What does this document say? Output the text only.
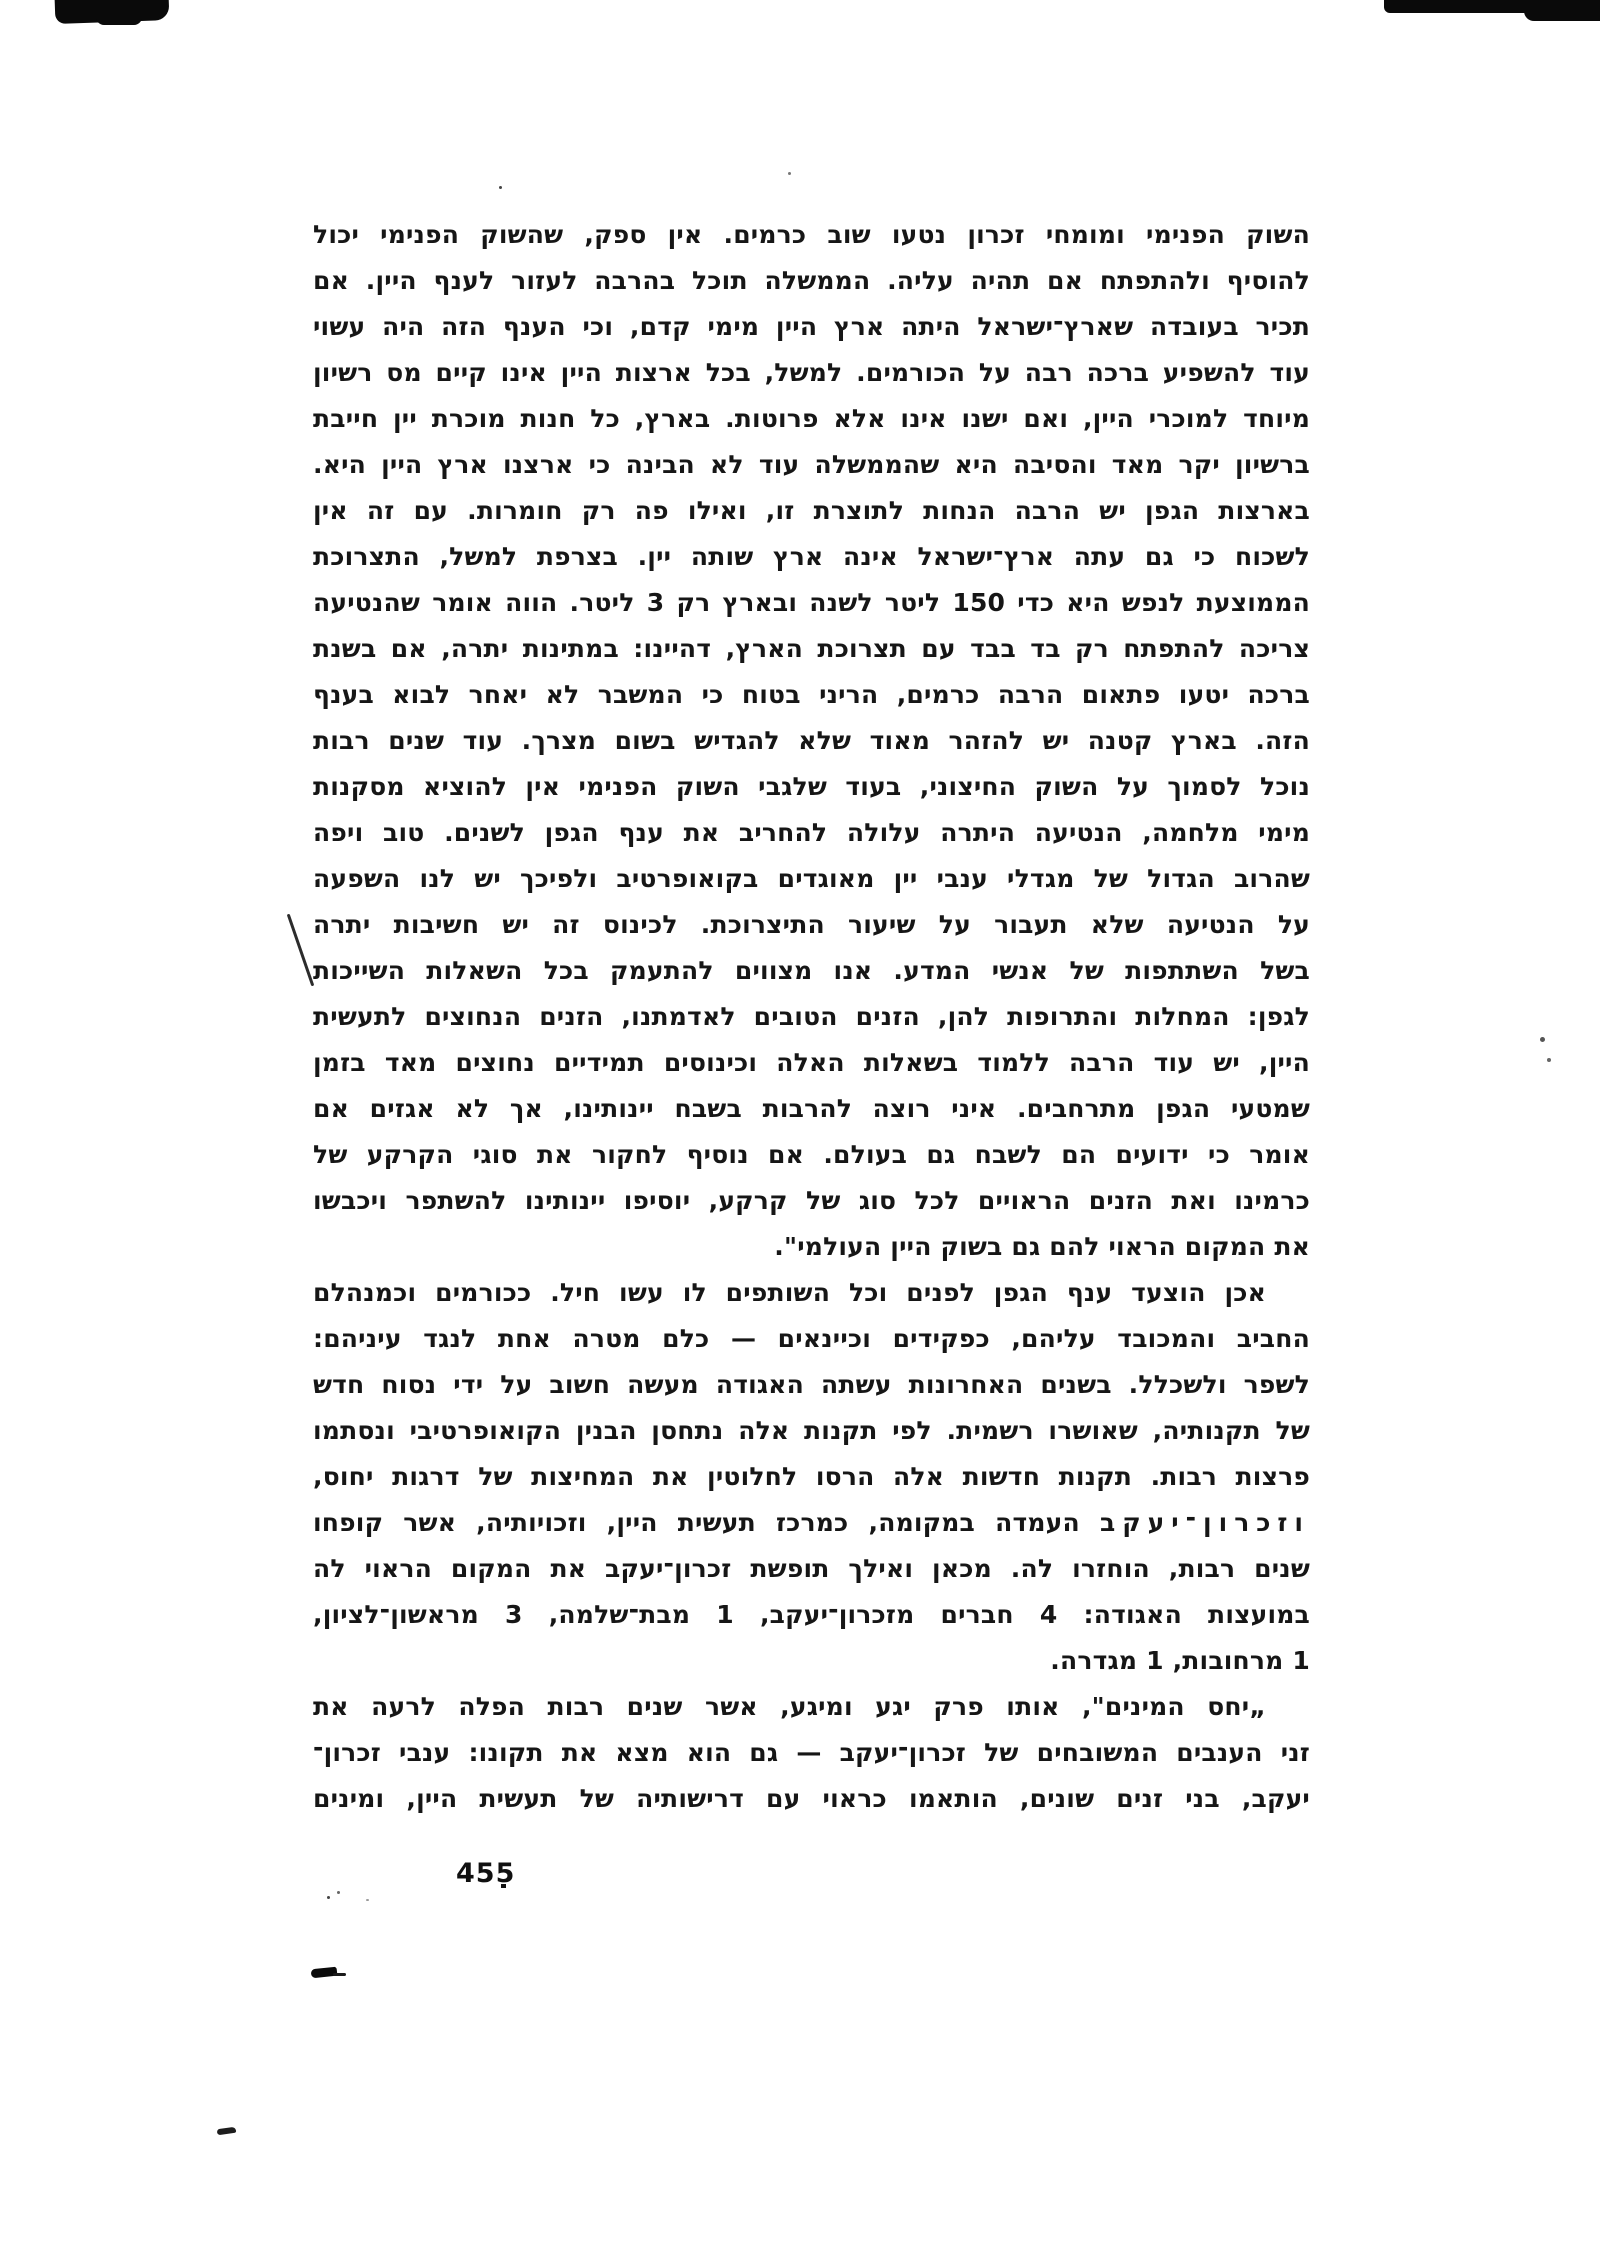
השוק הפנימי ומומחי זכרון נטעו שוב כרמים. אין ספק, שהשוק הפנימי יכול
להוסיף ולהתפתח אם תהיה עליה. הממשלה תוכל בהרבה לעזור לענף היין. אם
תכיר בעובדה שארץ־ישראל היתה ארץ היין מימי קדם, וכי הענף הזה היה עשוי
עוד להשפיע ברכה רבה על הכורמים. למשל, בכל ארצות היין אינו קיים מס רשיון
מיוחד למוכרי היין, ואם ישנו אינו אלא פרוטות. בארץ, כל חנות מוכרת יין חייבת
ברשיון יקר מאד והסיבה היא שהממשלה עוד לא הבינה כי ארצנו ארץ היין היא.
בארצות הגפן יש הרבה הנחות לתוצרת זו, ואילו פה רק חומרות. עם זה אין
לשכוח כי גם עתה ארץ־ישראל אינה ארץ שותה יין. בצרפת למשל, התצרוכת
הממוצעת לנפש היא כדי 150 ליטר לשנה ובארץ רק 3 ליטר. הווה אומר שהנטיעה
צריכה להתפתח רק בד בבד עם תצרוכת הארץ, דהיינו: במתינות יתרה, אם בשנת
ברכה יטעו פתאום הרבה כרמים, הריני בטוח כי המשבר לא יאחר לבוא בענף
הזה. בארץ קטנה יש להזהר מאוד שלא להגדיש בשום מצרך. עוד שנים רבות
נוכל לסמוך על השוק החיצוני, בעוד שלגבי השוק הפנימי אין להוציא מסקנות
מימי מלחמה, הנטיעה היתרה עלולה להחריב את ענף הגפן לשנים. טוב ויפה
שהרוב הגדול של מגדלי ענבי יין מאוגדים בקואופרטיב ולפיכך יש לנו השפעה
על הנטיעה שלא תעבור על שיעור התיצרוכת. לכינוס זה יש חשיבות יתרה
בשל השתתפות של אנשי המדע. אנו מצווים להתעמק בכל השאלות השייכות
לגפן: המחלות והתרופות להן, הזנים הטובים לאדמתנו, הזנים הנחוצים לתעשית
היין, יש עוד הרבה ללמוד בשאלות האלה וכינוסים תמידיים נחוצים מאד בזמן
שמטעי הגפן מתרחבים. איני רוצה להרבות בשבח יינותינו, אך לא אגזים אם
אומר כי ידועים הם לשבח גם בעולם. אם נוסיף לחקור את סוגי הקרקע של
כרמינו ואת הזנים הראויים לכל סוג של קרקע, יוסיפו יינותינו להשתפר ויכבשו
את המקום הראוי להם גם בשוק היין העולמי".
אכן הוצעד ענף הגפן לפנים וכל השותפים לו עשו חיל. ככורמים וכמנהלם
החביב והמכובד עליהם, כפקידים וכיינאים — כלם מטרה אחת לנגד עיניהם:
לשפר ולשכלל. בשנים האחרונות עשתה האגודה מעשה חשוב על ידי נסוח חדש
של תקנותיה, שאושרו רשמית. לפי תקנות אלה נתחסן הבנין הקואופרטיבי ונסתמו
פרצות רבות. תקנות חדשות אלה הרסו לחלוטין את המחיצות של דרגות יחוס,
וזכרון־יעקב העמדה במקומה, כמרכז תעשית היין, וזכויותיה, אשר קופחו
שנים רבות, הוחזרו לה. מכאן ואילך תופשת זכרון־יעקב את המקום הראוי לה
במועצות האגודה: 4 חברים מזכרון־יעקב, 1 מבת־שלמה, 3 מראשון־לציון,
1 מרחובות, 1 מגדרה.
„יחס המינים", אותו פרק יגע ומיגע, אשר שנים רבות הפלה לרעה את
זני הענבים המשובחים של זכרון־יעקב — גם הוא מצא את תקונו: ענבי זכרון־
יעקב, בני זנים שונים, הותאמו כראוי עם דרישותיה של תעשית היין, ומינים
455
